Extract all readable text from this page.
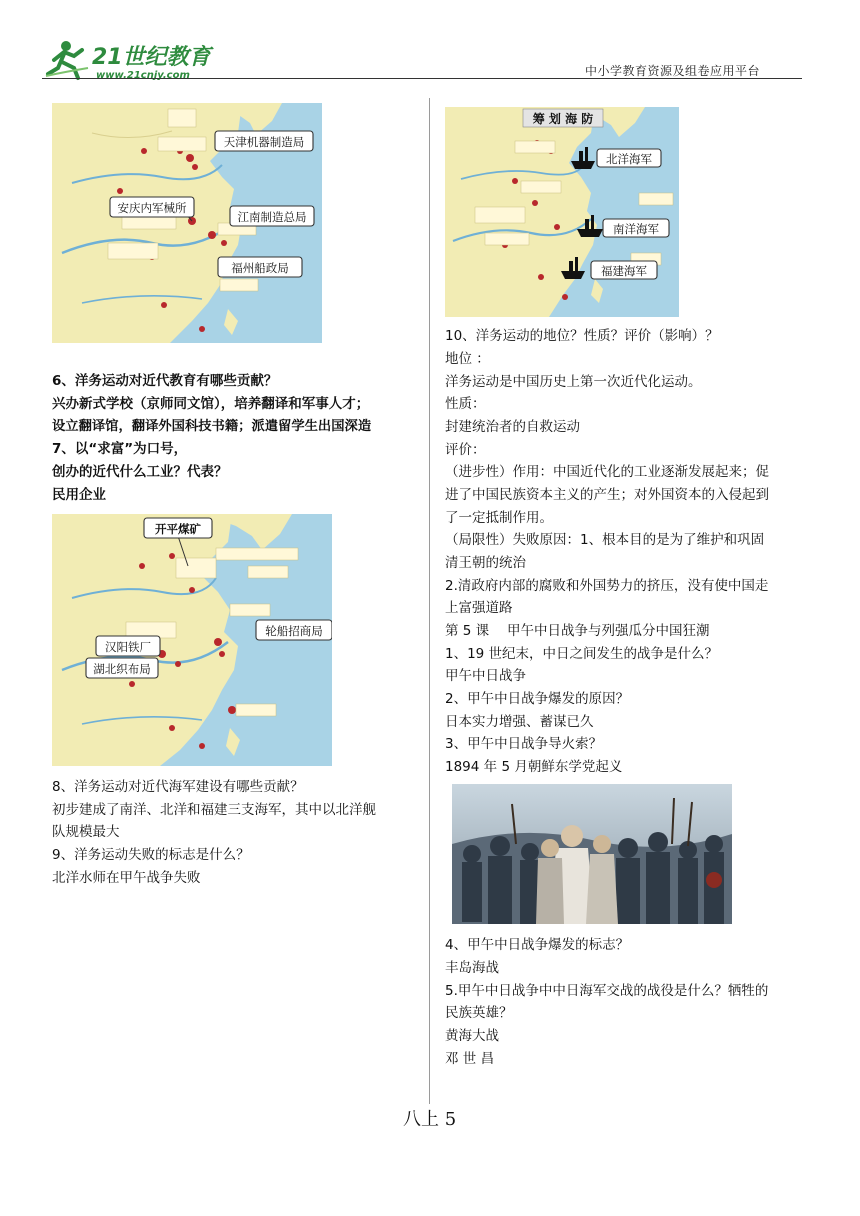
21世纪教育
www.21cnjy.com	中小学教育资源及组卷应用平台
天津机器制造局
安庆内军械所
江南制造总局
福州船政局
6、洋务运动对近代教育有哪些贡献？
兴办新式学校（京师同文馆），培养翻译和军事人才；
设立翻译馆，翻译外国科技书籍；派遣留学生出国深造
7、以“求富”为口号，
创办的近代什么工业？代表？
民用企业
开平煤矿
轮船招商局
汉阳铁厂
湖北织布局
8、洋务运动对近代海军建设有哪些贡献？
初步建成了南洋、北洋和福建三支海军，其中以北洋舰
队规模最大
9、洋务运动失败的标志是什么？
北洋水师在甲午战争失败
筹 划 海 防
北洋海军
南洋海军
福建海军
10、洋务运动的地位？性质？评价（影响）？
地位 ：
洋务运动是中国历史上第一次近代化运动。
性质：
封建统治者的自救运动
评价：
（进步性）作用：中国近代化的工业逐渐发展起来；促
进了中国民族资本主义的产生；对外国资本的入侵起到
了一定抵制作用。
（局限性）失败原因：1、根本目的是为了维护和巩固
清王朝的统治
2.清政府内部的腐败和外国势力的挤压，没有使中国走
上富强道路
第 5 课　 甲午中日战争与列强瓜分中国狂潮
1、19 世纪末，中日之间发生的战争是什么？
甲午中日战争
2、甲午中日战争爆发的原因？
日本实力增强、蓄谋已久
3、甲午中日战争导火索？
1894 年 5 月朝鲜东学党起义
4、甲午中日战争爆发的标志？
丰岛海战
5.甲午中日战争中中日海军交战的战役是什么？牺牲的
民族英雄？
黄海大战
邓 世 昌
八上 5
